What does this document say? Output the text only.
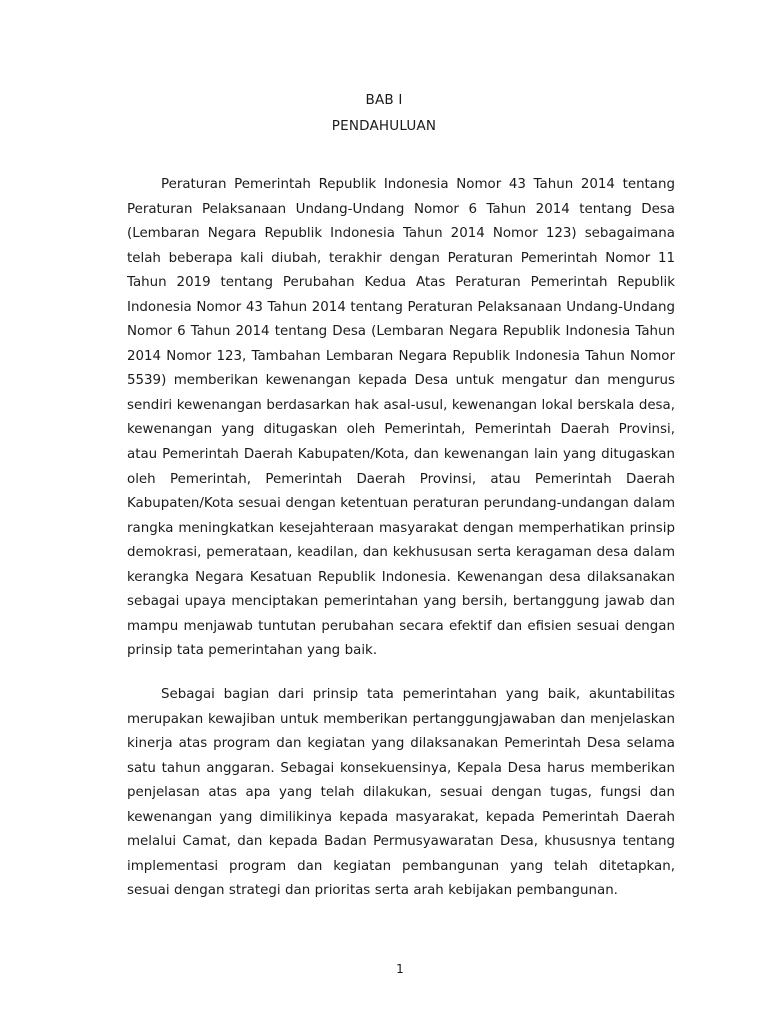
BAB I
PENDAHULUAN

Peraturan Pemerintah Republik Indonesia Nomor 43 Tahun 2014 tentang Peraturan Pelaksanaan Undang-Undang Nomor 6 Tahun 2014 tentang Desa (Lembaran Negara Republik Indonesia Tahun 2014 Nomor 123) sebagaimana telah beberapa kali diubah, terakhir dengan Peraturan Pemerintah Nomor 11 Tahun 2019 tentang Perubahan Kedua Atas Peraturan Pemerintah Republik Indonesia Nomor 43 Tahun 2014 tentang Peraturan Pelaksanaan Undang-Undang Nomor 6 Tahun 2014 tentang Desa (Lembaran Negara Republik Indonesia Tahun 2014 Nomor 123, Tambahan Lembaran Negara Republik Indonesia Tahun Nomor 5539) memberikan kewenangan kepada Desa untuk mengatur dan mengurus sendiri kewenangan berdasarkan hak asal-usul, kewenangan lokal berskala desa, kewenangan yang ditugaskan oleh Pemerintah, Pemerintah Daerah Provinsi, atau Pemerintah Daerah Kabupaten/Kota, dan kewenangan lain yang ditugaskan oleh Pemerintah, Pemerintah Daerah Provinsi, atau Pemerintah Daerah Kabupaten/Kota sesuai dengan ketentuan peraturan perundang-undangan dalam rangka meningkatkan kesejahteraan masyarakat dengan memperhatikan prinsip demokrasi, pemerataan, keadilan, dan kekhususan serta keragaman desa dalam kerangka Negara Kesatuan Republik Indonesia. Kewenangan desa dilaksanakan sebagai upaya menciptakan pemerintahan yang bersih, bertanggung jawab dan mampu menjawab tuntutan perubahan secara efektif dan efisien sesuai dengan prinsip tata pemerintahan yang baik.

Sebagai bagian dari prinsip tata pemerintahan yang baik, akuntabilitas merupakan kewajiban untuk memberikan pertanggungjawaban dan menjelaskan kinerja atas program dan kegiatan yang dilaksanakan Pemerintah Desa selama satu tahun anggaran. Sebagai konsekuensinya, Kepala Desa harus memberikan penjelasan atas apa yang telah dilakukan, sesuai dengan tugas, fungsi dan kewenangan yang dimilikinya kepada masyarakat, kepada Pemerintah Daerah melalui Camat, dan kepada Badan Permusyawaratan Desa, khususnya tentang implementasi program dan kegiatan pembangunan yang telah ditetapkan, sesuai dengan strategi dan prioritas serta arah kebijakan pembangunan.

1
